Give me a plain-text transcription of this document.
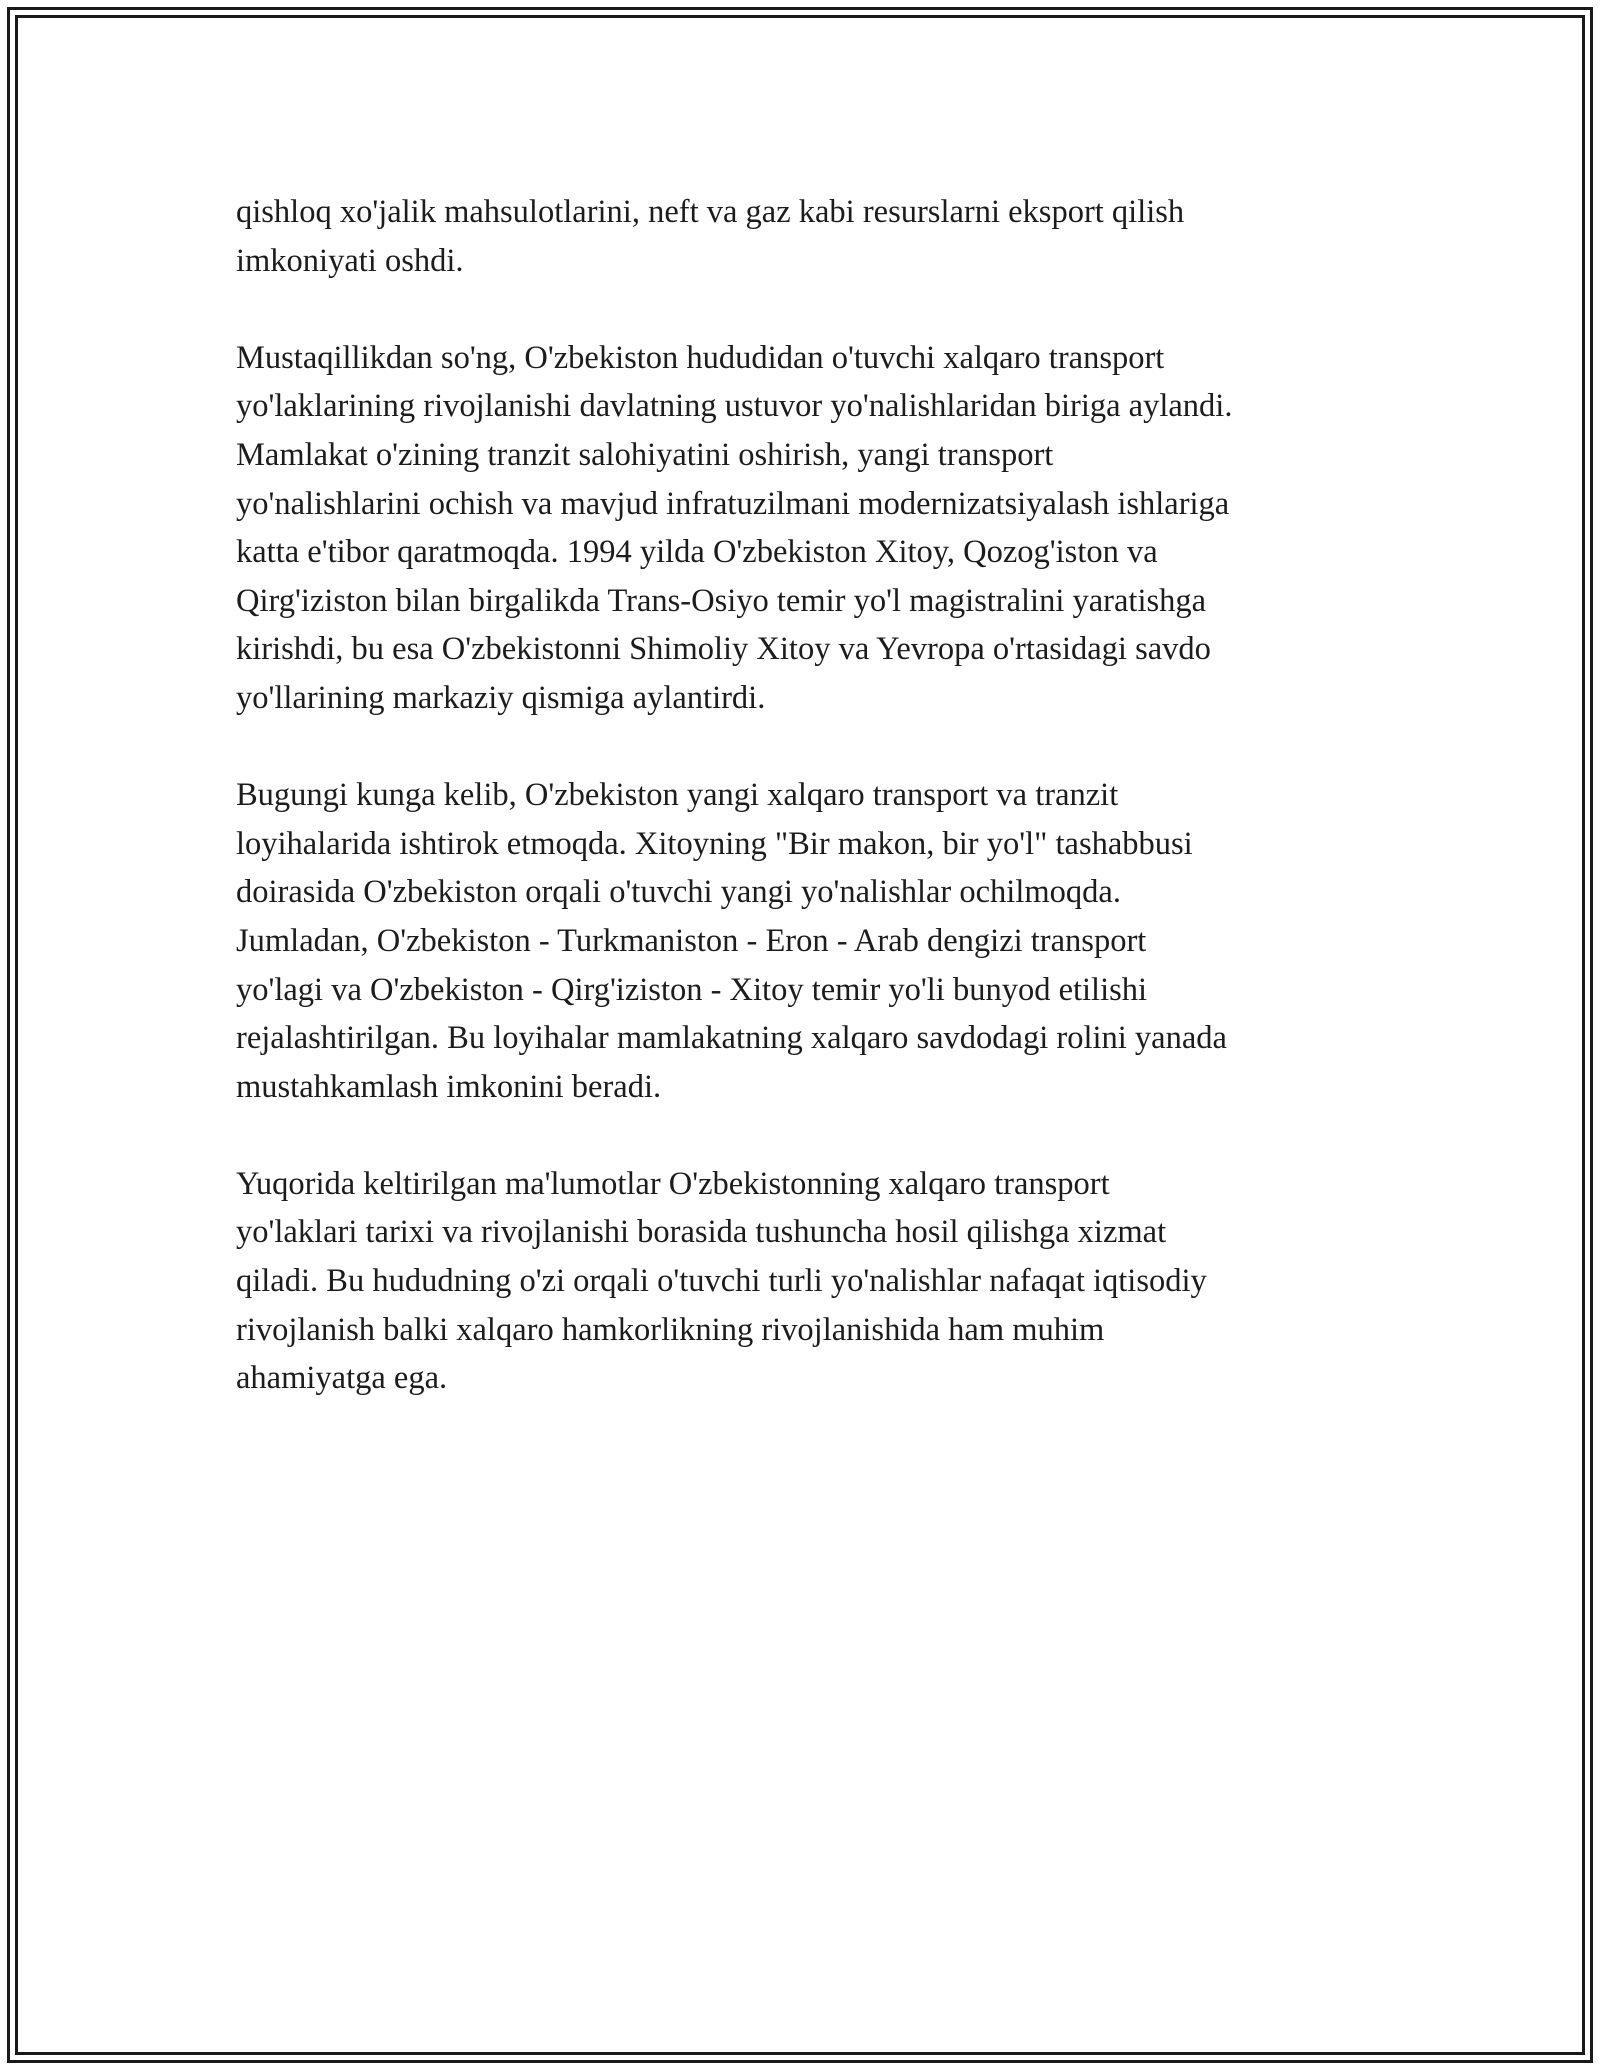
qishloq xo'jalik mahsulotlarini, neft va gaz kabi resurslarni eksport qilish
imkoniyati oshdi.

Mustaqillikdan so'ng, O'zbekiston hududidan o'tuvchi xalqaro transport
yo'laklarining rivojlanishi davlatning ustuvor yo'nalishlaridan biriga aylandi.
Mamlakat o'zining tranzit salohiyatini oshirish, yangi transport
yo'nalishlarini ochish va mavjud infratuzilmani modernizatsiyalash ishlariga
katta e'tibor qaratmoqda. 1994 yilda O'zbekiston Xitoy, Qozog'iston va
Qirg'iziston bilan birgalikda Trans-Osiyo temir yo'l magistralini yaratishga
kirishdi, bu esa O'zbekistonni Shimoliy Xitoy va Yevropa o'rtasidagi savdo
yo'llarining markaziy qismiga aylantirdi.

Bugungi kunga kelib, O'zbekiston yangi xalqaro transport va tranzit
loyihalarida ishtirok etmoqda. Xitoyning "Bir makon, bir yo'l" tashabbusi
doirasida O'zbekiston orqali o'tuvchi yangi yo'nalishlar ochilmoqda.
Jumladan, O'zbekiston - Turkmaniston - Eron - Arab dengizi transport
yo'lagi va O'zbekiston - Qirg'iziston - Xitoy temir yo'li bunyod etilishi
rejalashtirilgan. Bu loyihalar mamlakatning xalqaro savdodagi rolini yanada
mustahkamlash imkonini beradi.

Yuqorida keltirilgan ma'lumotlar O'zbekistonning xalqaro transport
yo'laklari tarixi va rivojlanishi borasida tushuncha hosil qilishga xizmat
qiladi. Bu hududning o'zi orqali o'tuvchi turli yo'nalishlar nafaqat iqtisodiy
rivojlanish balki xalqaro hamkorlikning rivojlanishida ham muhim
ahamiyatga ega.
